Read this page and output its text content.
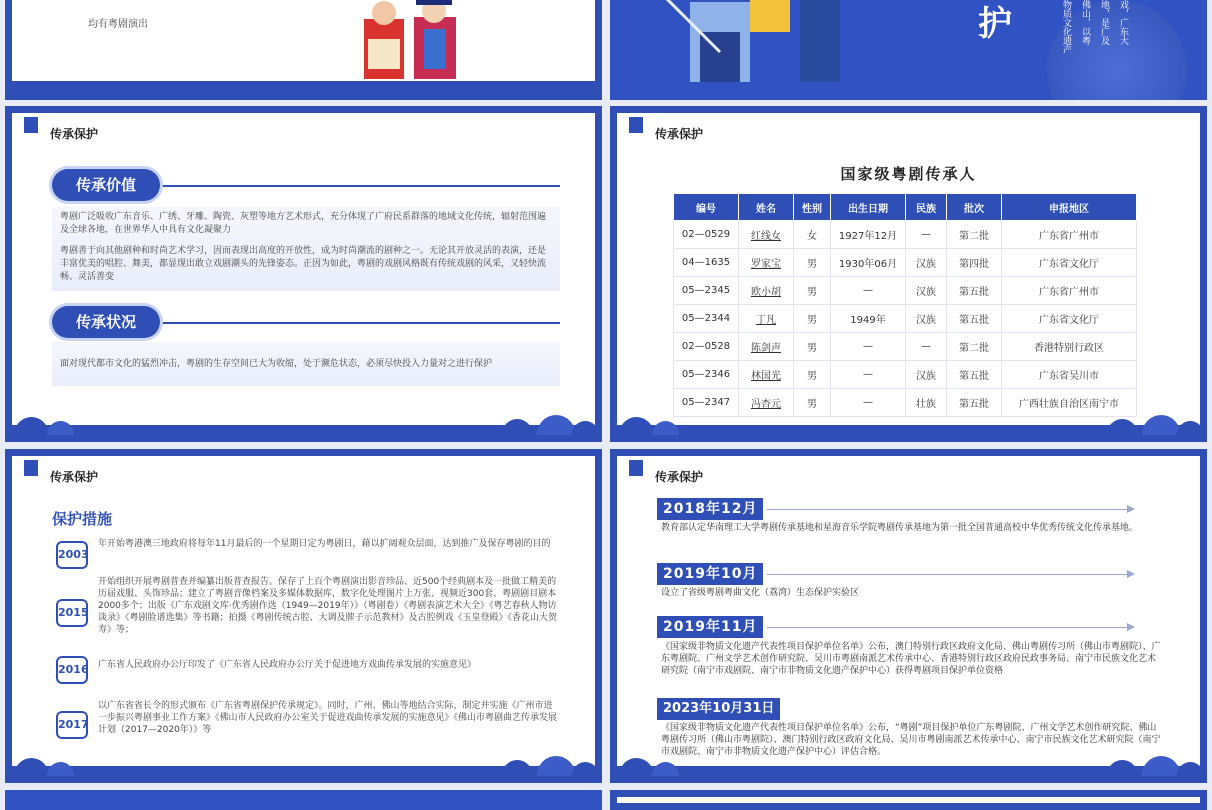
均有粤剧演出	护	物质文化遗产 佛山，以粤 地，是广及 戏，广东大
传承保护
传承价值
粤剧广泛吸收广东音乐、广绣、牙雕、陶瓷、灰塑等地方艺术形式，充分体现了广府民系群落的地域文化传统，辐射范围遍及全球各地，在世界华人中具有文化凝聚力
粤剧善于向其他剧种和时尚艺术学习，因而表现出高度的开放性，成为时尚潮流的剧种之一。无论其开放灵活的表演，还是丰富优美的唱腔、舞美，都显现出敢立戏剧潮头的先锋姿态。正因为如此，粤剧的戏剧风格既有传统戏剧的风采，又轻快流畅、灵活善变
传承状况
面对现代都市文化的猛烈冲击，粤剧的生存空间已大为收缩，处于濒危状态，必须尽快投入力量对之进行保护
传承保护
国家级粤剧传承人
编号	姓名	性别	出生日期	民族	批次	申报地区
02—0529	红线女	女	1927年12月	—	第二批	广东省广州市
04—1635	罗家宝	男	1930年06月	汉族	第四批	广东省文化厅
05—2345	欧小胡	男	—	汉族	第五批	广东省广州市
05—2344	丁凡	男	1949年	汉族	第五批	广东省文化厅
02—0528	陈剑声	男	—	—	第二批	香港特别行政区
05—2346	林国光	男	—	汉族	第五批	广东省吴川市
05—2347	冯杏元	男	—	壮族	第五批	广西壮族自治区南宁市
传承保护
保护措施
2003
年开始粤港澳三地政府将每年11月最后的一个星期日定为粤剧日，藉以扩阔观众层面，达到推广及保存粤剧的目的
2015
开始组织开展粤剧普查并编纂出版普查报告。保存了上百个粤剧演出影音珍品、近500个经典剧本及一批做工精美的历届戏服、头饰珍品；建立了粤剧音像档案及多媒体数据库，数字化处理图片上万张、视频近300套、粤剧剧目剧本2000多个；出版《广东戏剧文库·优秀剧作选（1949—2019年）》（粤剧卷）《粤剧表演艺术大全》《粤艺春秋人物访谈录》《粤剧脸谱选集》等书籍；拍摄《粤剧传统古腔、大调及牌子示范教材》及古腔例戏《玉皇登殿》《香花山大贺寿》等；
2016 广东省人民政府办公厅印发了《广东省人民政府办公厅关于促进地方戏曲传承发展的实施意见》
2017
以广东省省长令的形式颁布《广东省粤剧保护传承规定》。同时，广州、佛山等地结合实际，制定并实施《广州市进一步振兴粤剧事业工作方案》《佛山市人民政府办公室关于促进戏曲传承发展的实施意见》《佛山市粤剧曲艺传承发展计划（2017—2020年）》等
传承保护
2018年12月
教育部认定华南理工大学粤剧传承基地和星海音乐学院粤剧传承基地为第一批全国普通高校中华优秀传统文化传承基地。
2019年10月
设立了省级粤剧粤曲文化（荔湾）生态保护实验区
2019年11月
《国家级非物质文化遗产代表性项目保护单位名单》公布，澳门特别行政区政府文化局、佛山粤剧传习所（佛山市粤剧院）、广东粤剧院、广州文学艺术创作研究院、吴川市粤剧南派艺术传承中心、香港特别行政区政府民政事务局、南宁市民族文化艺术研究院（南宁市戏剧院、南宁市非物质文化遗产保护中心）获得粤剧项目保护单位资格
2023年10月31日
《国家级非物质文化遗产代表性项目保护单位名单》公布，“粤剧”项目保护单位广东粤剧院、广州文学艺术创作研究院、佛山粤剧传习所（佛山市粤剧院）、澳门特别行政区政府文化局、吴川市粤剧南派艺术传承中心、南宁市民族文化艺术研究院（南宁市戏剧院、南宁市非物质文化遗产保护中心）评估合格。
